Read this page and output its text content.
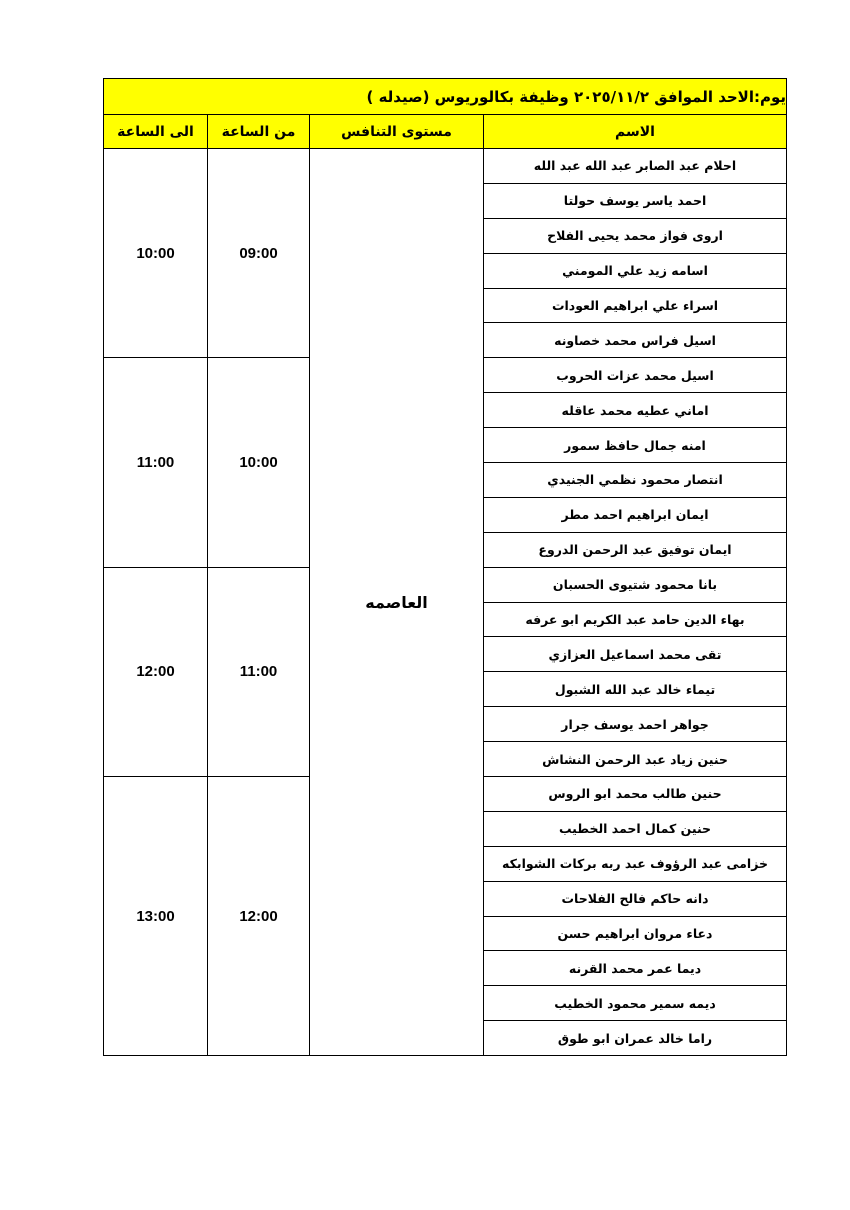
يوم:الاحد الموافق ٢٠٢٥/١١/٢ وظيفة بكالوريوس (صيدله )			
الاسم	مستوى التنافس	من الساعة	الى الساعة
احلام عبد الصابر عبد الله عبد الله	العاصمه	09:00	10:00
احمد ياسر يوسف حولتا			
اروى فواز محمد يحيى الفلاح			
اسامه زيد علي المومني			
اسراء علي ابراهيم العودات			
اسيل فراس محمد خصاونه			
اسيل محمد عزات الحروب		10:00	11:00
اماني عطيه محمد عاقله			
امنه جمال حافظ سمور			
انتصار محمود نظمي الجنيدي			
ايمان ابراهيم احمد مطر			
ايمان توفيق عبد الرحمن الدروع			
بانا محمود شتيوى الحسبان		11:00	12:00
بهاء الدين حامد عبد الكريم ابو عرفه			
تقى محمد اسماعيل العزازي			
تيماء خالد عبد الله الشبول			
جواهر احمد يوسف جرار			
حنين زياد عبد الرحمن النشاش			
حنين طالب محمد ابو الروس		12:00	13:00
حنين كمال احمد الخطيب			
خزامى عبد الرؤوف عبد ربه بركات الشوابكه			
دانه حاكم فالح الفلاحات			
دعاء مروان ابراهيم حسن			
ديما عمر محمد القرنه			
ديمه سمير محمود الخطيب			
راما خالد عمران ابو طوق			
